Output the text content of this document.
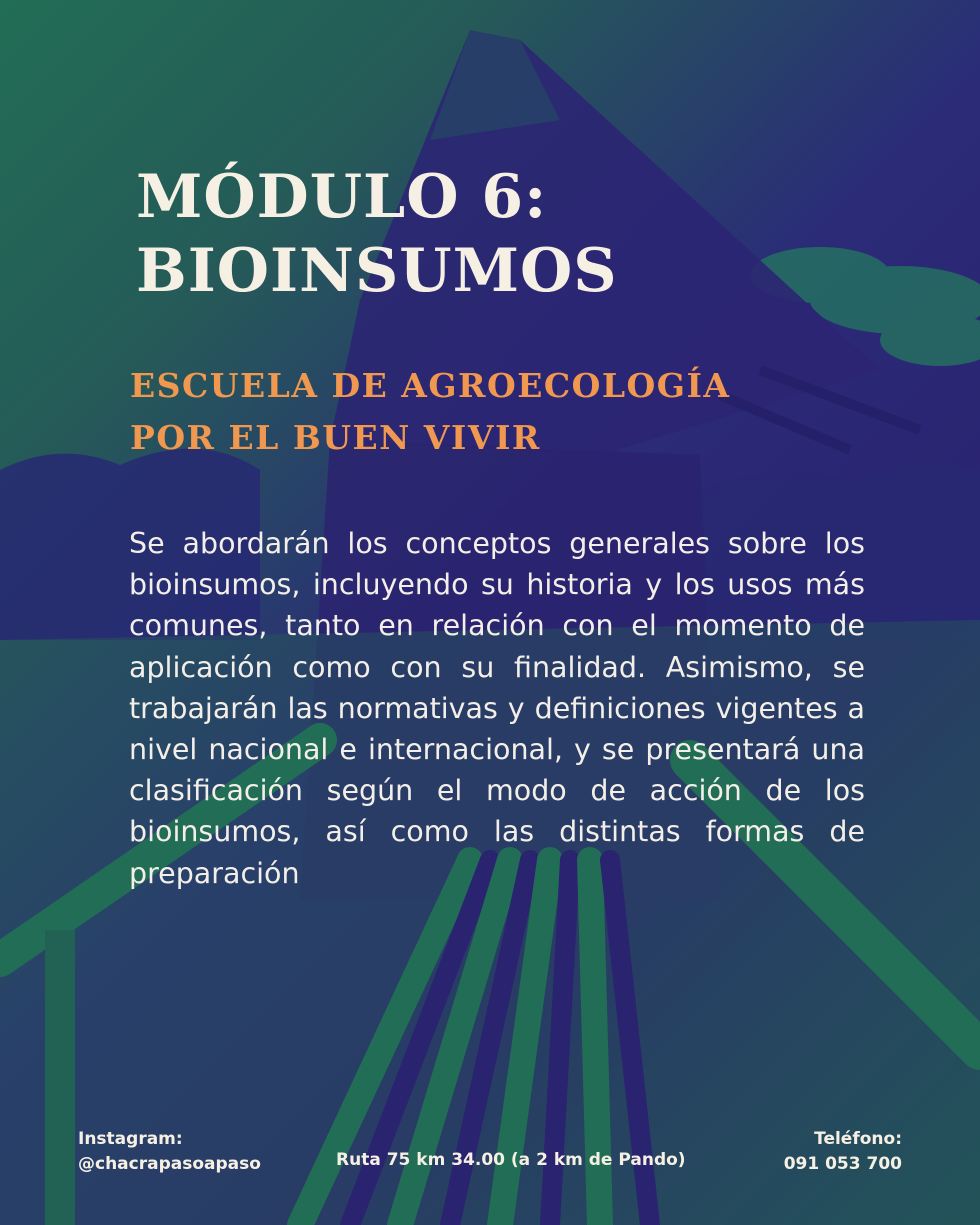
MÓDULO 6:
BIOINSUMOS
ESCUELA DE AGROECOLOGÍA
POR EL BUEN VIVIR

Se abordarán los conceptos generales sobre los bioinsumos, incluyendo su historia y los usos más comunes, tanto en relación con el momento de aplicación como con su finalidad. Asimismo, se trabajarán las normativas y definiciones vigentes a nivel nacional e internacional, y se presentará una clasificación según el modo de acción de los bioinsumos, así como las distintas formas de preparación

Instagram:
@chacrapasoapaso	Ruta 75 km 34.00 (a 2 km de Pando)
Teléfono:
091 053 700
